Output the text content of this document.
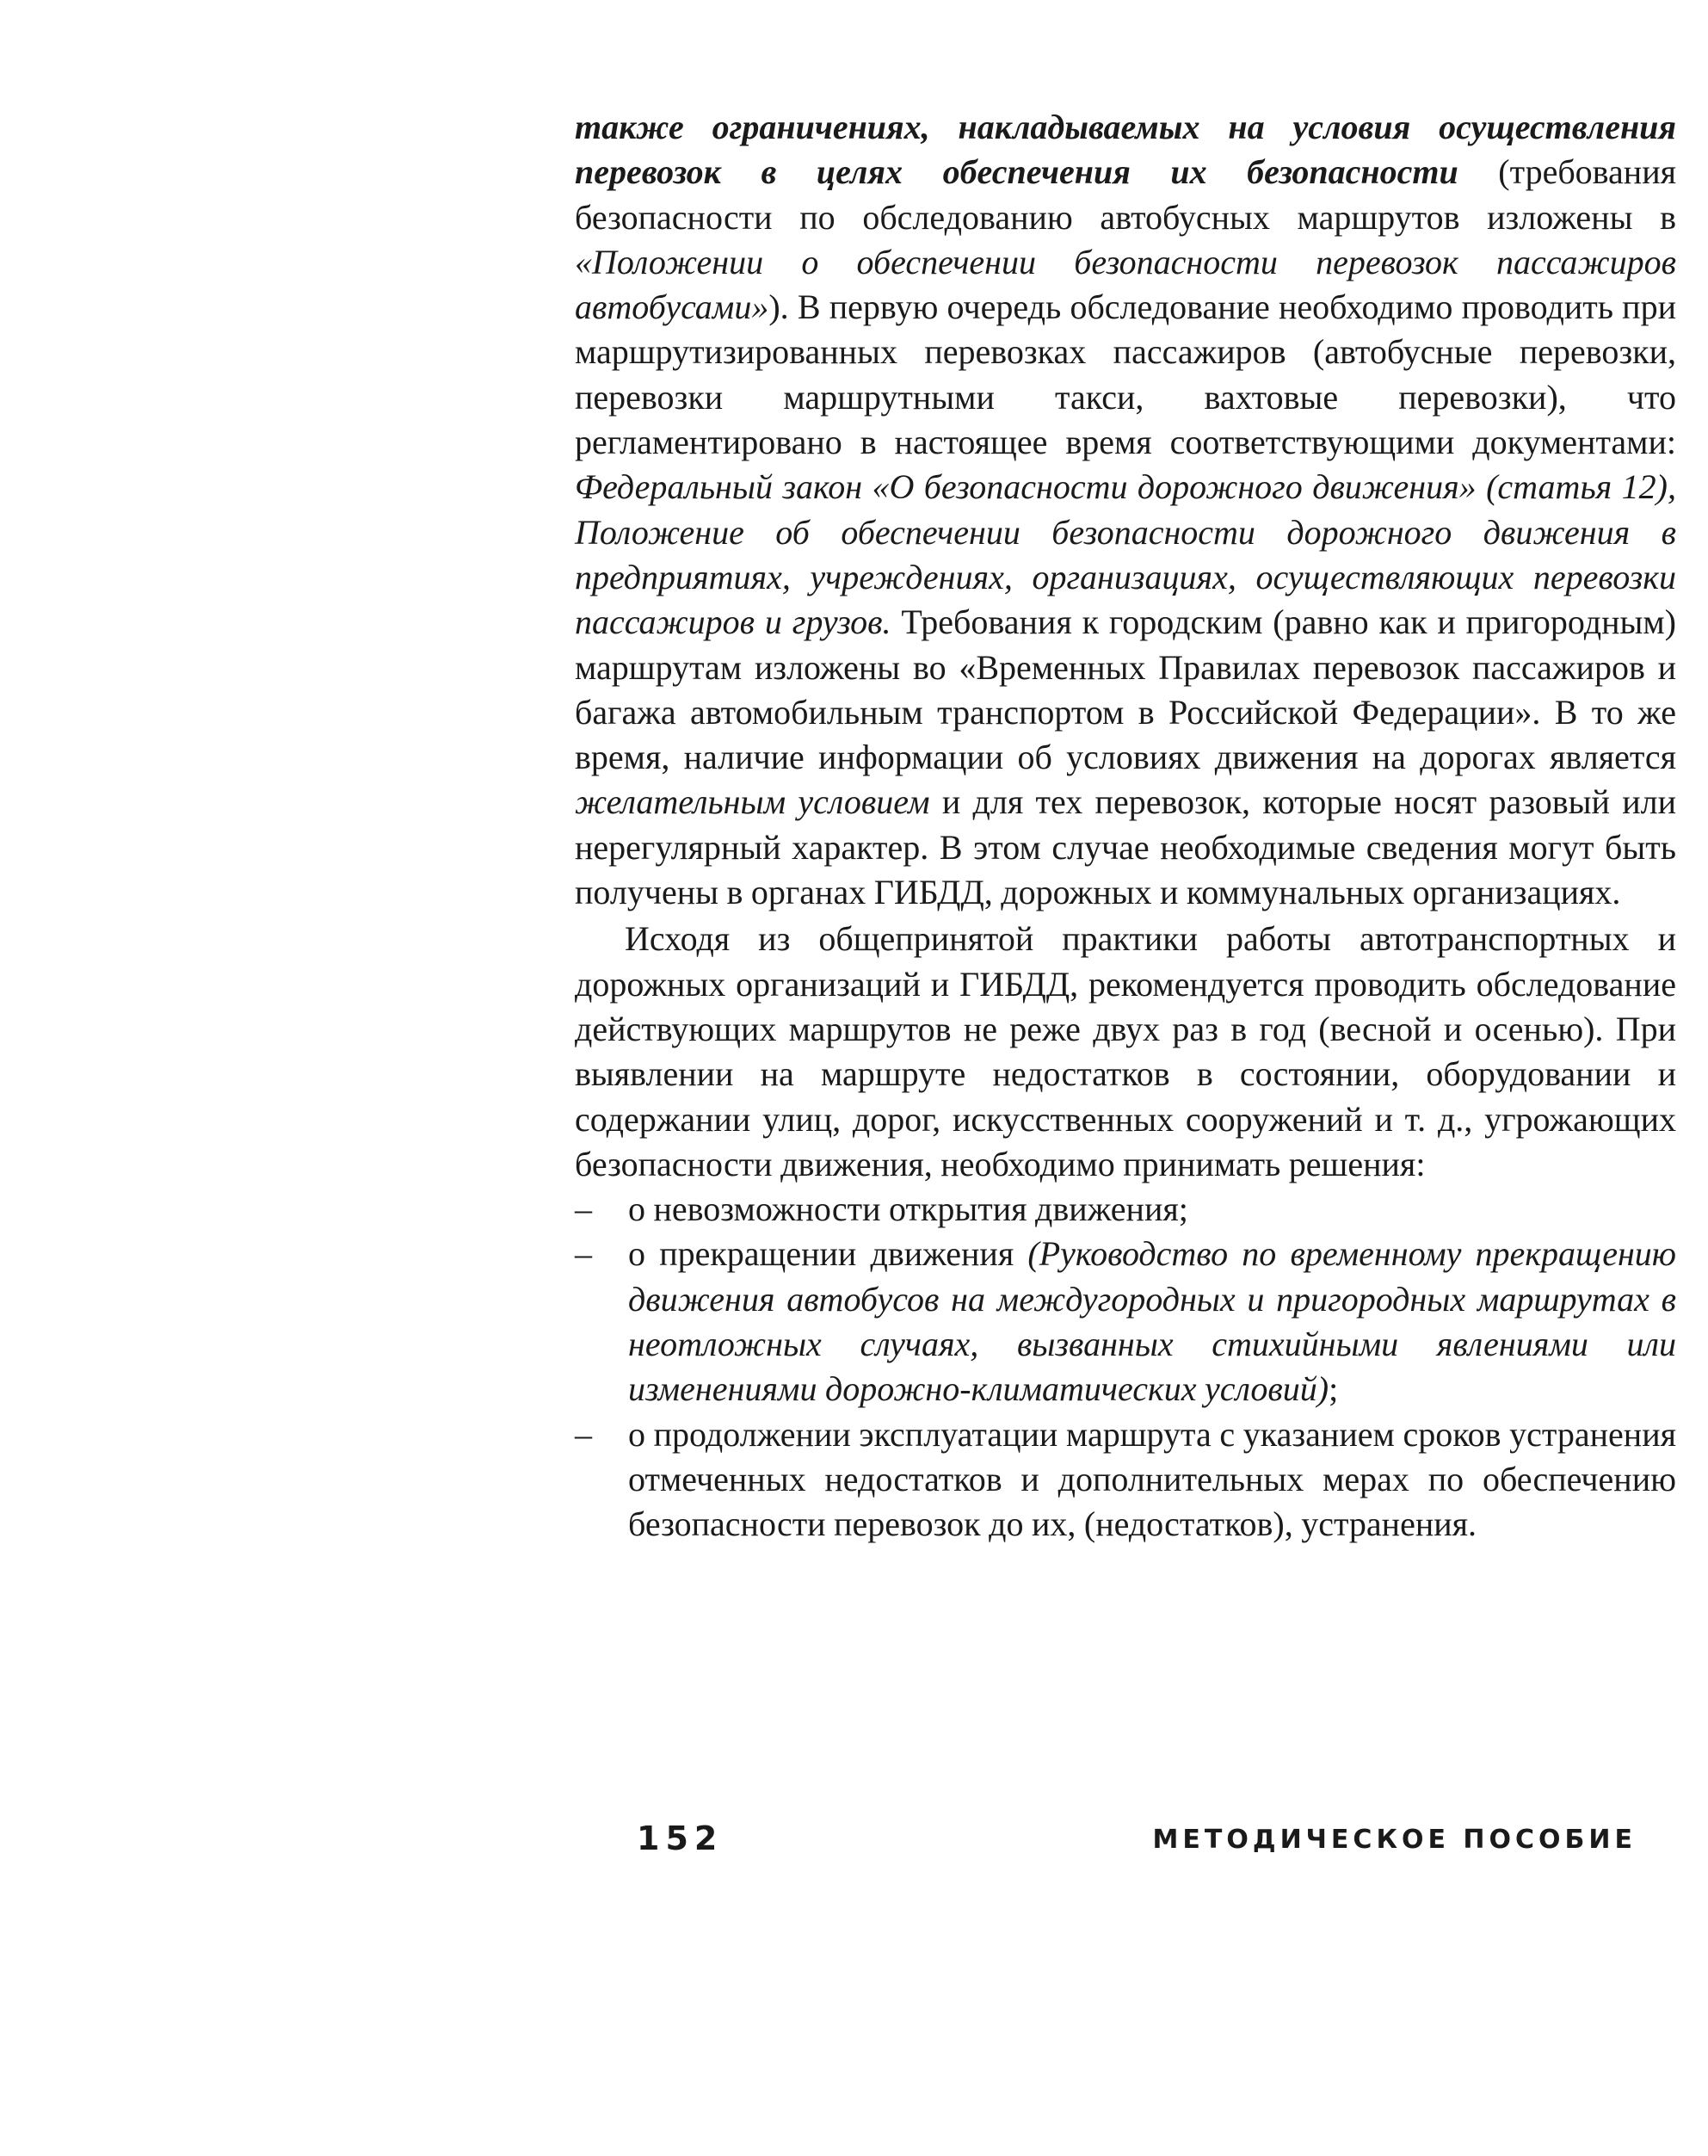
также ограничениях, накладываемых на условия осуществления перевозок в целях обеспечения их безопасности (требования безопасности по обследованию автобусных маршрутов изложены в «Положении о обеспечении безопасности перевозок пассажиров автобусами»). В первую очередь обследование необходимо проводить при маршрутизированных перевозках пассажиров (автобусные перевозки, перевозки маршрутными такси, вахтовые перевозки), что регламентировано в настоящее время соответствующими документами: Федеральный закон «О безопасности дорожного движения» (статья 12), Положение об обеспечении безопасности дорожного движения в предприятиях, учреждениях, организациях, осуществляющих перевозки пассажиров и грузов. Требования к городским (равно как и пригородным) маршрутам изложены во «Временных Правилах перевозок пассажиров и багажа автомобильным транспортом в Российской Федерации». В то же время, наличие информации об условиях движения на дорогах является желательным условием и для тех перевозок, которые носят разовый или нерегулярный характер. В этом случае необходимые сведения могут быть получены в органах ГИБДД, дорожных и коммунальных организациях.

Исходя из общепринятой практики работы автотранспортных и дорожных организаций и ГИБДД, рекомендуется проводить обследование действующих маршрутов не реже двух раз в год (весной и осенью). При выявлении на маршруте недостатков в состоянии, оборудовании и содержании улиц, дорог, искусственных сооружений и т. д., угрожающих безопасности движения, необходимо принимать решения:

– о невозможности открытия движения;
– о прекращении движения (Руководство по временному прекращению движения автобусов на междугородных и пригородных маршрутах в неотложных случаях, вызванных стихийными явлениями или изменениями дорожно-климатических условий);
– о продолжении эксплуатации маршрута с указанием сроков устранения отмеченных недостатков и дополнительных мерах по обеспечению безопасности перевозок до их, (недостатков), устранения.
152	МЕТОДИЧЕСКОЕ ПОСОБИЕ
